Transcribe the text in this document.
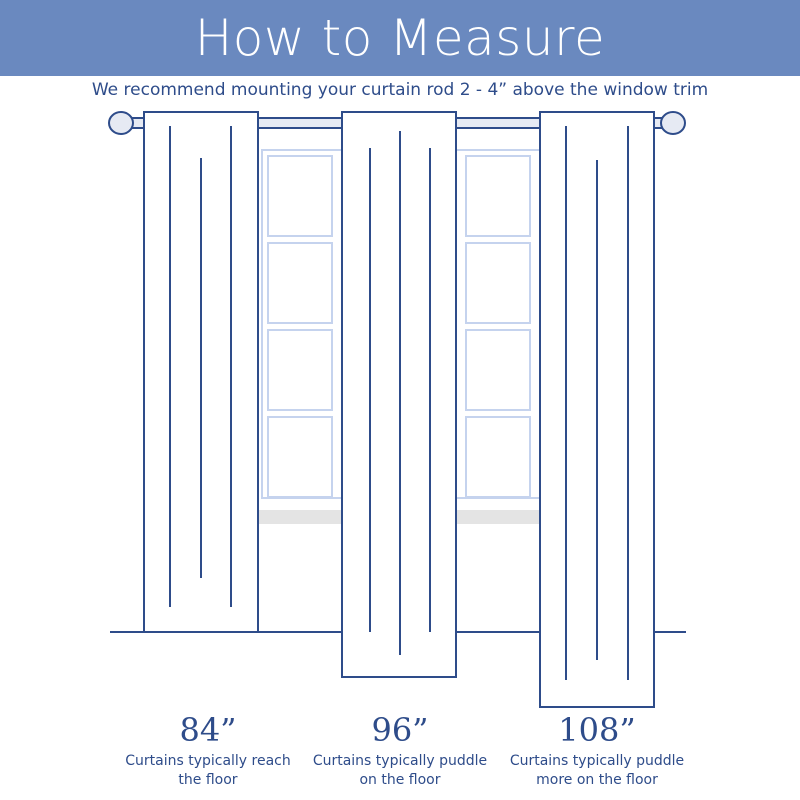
How to Measure
We recommend mounting your curtain rod 2 - 4” above the window trim
84”
Curtains typically reach
the floor
96”
Curtains typically puddle
on the floor
108”
Curtains typically puddle
more on the floor
